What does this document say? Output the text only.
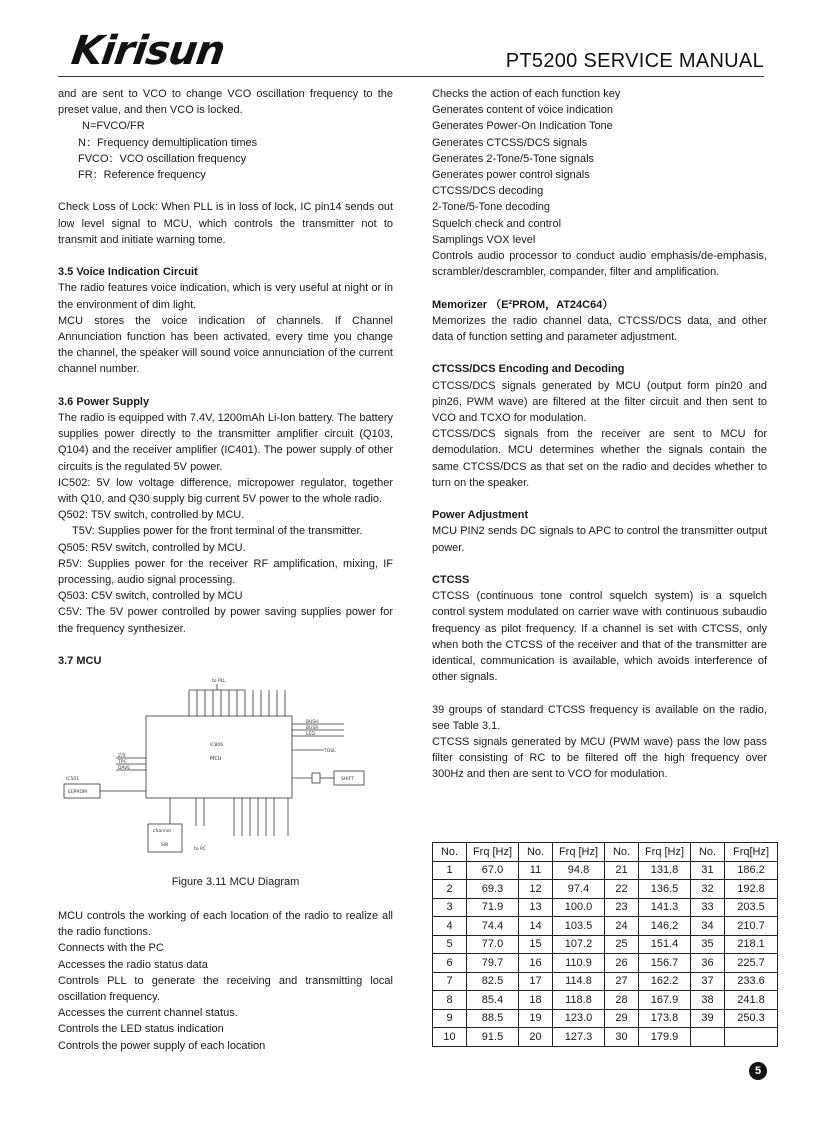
Kirisun	PT5200 SERVICE MANUAL

and are sent to VCO to change VCO oscillation frequency to the preset value, and then VCO is locked.

N=FVCO/FR

N：Frequency demultiplication times

FVCO：VCO oscillation frequency

FR：Reference frequency

Check Loss of Lock: When PLL is in loss of lock, IC pin14 sends out low level signal to MCU, which controls the transmitter not to transmit and initiate warning tome.

3.5 Voice Indication Circuit

The radio features voice indication, which is very useful at night or in the environment of dim light.

MCU stores the voice indication of channels. If Channel Annunciation function has been activated, every time you change the channel, the speaker will sound voice annunciation of the current channel number.

3.6 Power Supply

The radio is equipped with 7.4V, 1200mAh Li-Ion battery. The battery supplies power directly to the transmitter amplifier circuit (Q103, Q104) and the receiver amplifier (IC401). The power supply of other circuits is the regulated 5V power.

IC502: 5V low voltage difference, micropower regulator, together with Q10, and Q30 supply big current 5V power to the whole radio.

Q502: T5V switch, controlled by MCU.

T5V: Supplies power for the front terminal of the transmitter.

Q505: R5V switch, controlled by MCU.

R5V: Supplies power for the receiver RF amplification, mixing, IF processing, audio signal processing.

Q503: C5V switch, controlled by MCU

C5V: The 5V power controlled by power saving supplies power for the frequency synthesizer.

3.7 MCU

to PLL
IC806
MCU
BUSH
BUSR
LED
TOSL
SHIFT
Z/X
TPC
DAVE
IC501
EEPROM
channel
SW
to PC
Figure 3.11 MCU Diagram

MCU controls the working of each location of the radio to realize all the radio functions.

Connects with the PC

Accesses the radio status data

Controls PLL to generate the receiving and transmitting local oscillation frequency.

Accesses the current channel status.

Controls the LED status indication

Controls the power supply of each location

Checks the action of each function key

Generates content of voice indication

Generates Power-On Indication Tone

Generates CTCSS/DCS signals

Generates 2-Tone/5-Tone signals

Generates power control signals

CTCSS/DCS decoding

2-Tone/5-Tone decoding

Squelch check and control

Samplings VOX level

Controls audio processor to conduct audio emphasis/de-emphasis, scrambler/descrambler, compander, filter and amplification.

Memorizer （E²PROM，AT24C64）

Memorizes the radio channel data, CTCSS/DCS data, and other data of function setting and parameter adjustment.

CTCSS/DCS Encoding and Decoding

CTCSS/DCS signals generated by MCU (output form pin20 and pin26, PWM wave) are filtered at the filter circuit and then sent to VCO and TCXO for modulation.

CTCSS/DCS signals from the receiver are sent to MCU for demodulation. MCU determines whether the signals contain the same CTCSS/DCS as that set on the radio and decides whether to turn on the speaker.

Power Adjustment

MCU PIN2 sends DC signals to APC to control the transmitter output power.

CTCSS

CTCSS (continuous tone control squelch system) is a squelch control system modulated on carrier wave with continuous subaudio frequency as pilot frequency. If a channel is set with CTCSS, only when both the CTCSS of the receiver and that of the transmitter are identical, communication is available, which avoids interference of other signals.

39 groups of standard CTCSS frequency is available on the radio, see Table 3.1.

CTCSS signals generated by MCU (PWM wave) pass the low pass filter consisting of RC to be filtered off the high frequency over 300Hz and then are sent to VCO for modulation.

No.	Frq [Hz]	No.	Frq [Hz]	No.	Frq [Hz]	No.	Frq[Hz]
1	67.0	11	94.8	21	131.8	31	186.2
2	69.3	12	97.4	22	136.5	32	192.8
3	71.9	13	100.0	23	141.3	33	203.5
4	74.4	14	103.5	24	146.2	34	210.7
5	77.0	15	107.2	25	151.4	35	218.1
6	79.7	16	110.9	26	156.7	36	225.7
7	82.5	17	114.8	27	162.2	37	233.6
8	85.4	18	118.8	28	167.9	38	241.8
9	88.5	19	123.0	29	173.8	39	250.3
10	91.5	20	127.3	30	179.9		
5
